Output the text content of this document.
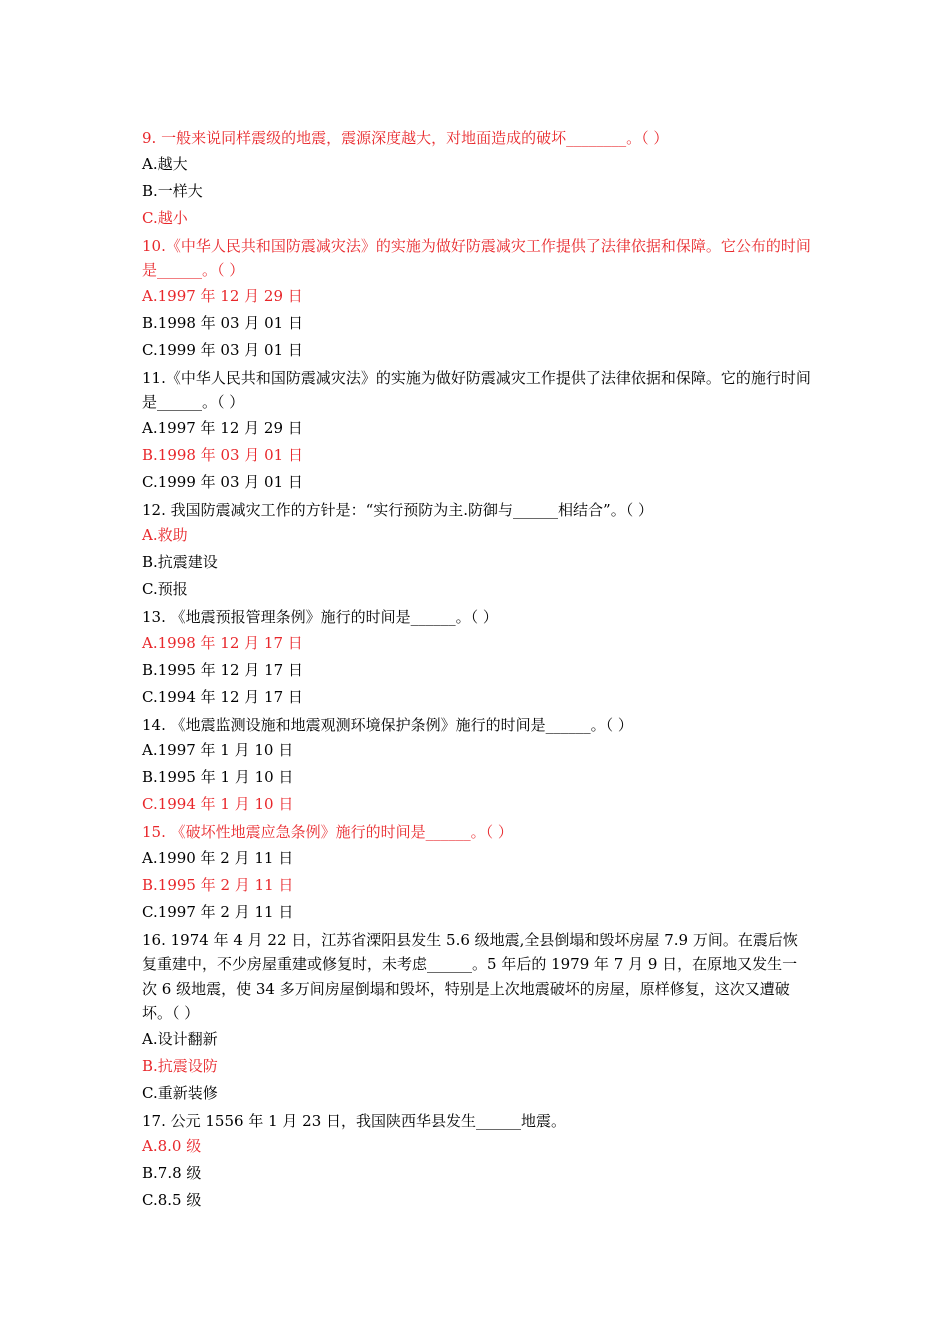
9. 一般来说同样震级的地震，震源深度越大，对地面造成的破坏________。（ ）
A.越大
B.一样大
C.越小
10.《中华人民共和国防震减灾法》的实施为做好防震减灾工作提供了法律依据和保障。它公布的时间是______。（ ）
A.1997 年 12 月 29 日
B.1998 年 03 月 01 日
C.1999 年 03 月 01 日
11.《中华人民共和国防震减灾法》的实施为做好防震减灾工作提供了法律依据和保障。它的施行时间是______。（ ）
A.1997 年 12 月 29 日
B.1998 年 03 月 01 日
C.1999 年 03 月 01 日
12. 我国防震减灾工作的方针是：“实行预防为主.防御与______相结合”。（ ）
A.救助
B.抗震建设
C.预报
13. 《地震预报管理条例》施行的时间是______。（ ）
A.1998 年 12 月 17 日
B.1995 年 12 月 17 日
C.1994 年 12 月 17 日
14. 《地震监测设施和地震观测环境保护条例》施行的时间是______。（ ）
A.1997 年 1 月 10 日
B.1995 年 1 月 10 日
C.1994 年 1 月 10 日
15. 《破坏性地震应急条例》施行的时间是______。（ ）
A.1990 年 2 月 11 日
B.1995 年 2 月 11 日
C.1997 年 2 月 11 日
16. 1974 年 4 月 22 日，江苏省溧阳县发生 5.6 级地震,全县倒塌和毁坏房屋 7.9 万间。在震后恢复重建中，不少房屋重建或修复时，未考虑______。5 年后的 1979 年 7 月 9 日，在原地又发生一次 6 级地震，使 34 多万间房屋倒塌和毁坏，特别是上次地震破坏的房屋，原样修复，这次又遭破坏。（ ）
A.设计翻新
B.抗震设防
C.重新装修
17. 公元 1556 年 1 月 23 日，我国陕西华县发生______地震。
A.8.0 级
B.7.8 级
C.8.5 级
